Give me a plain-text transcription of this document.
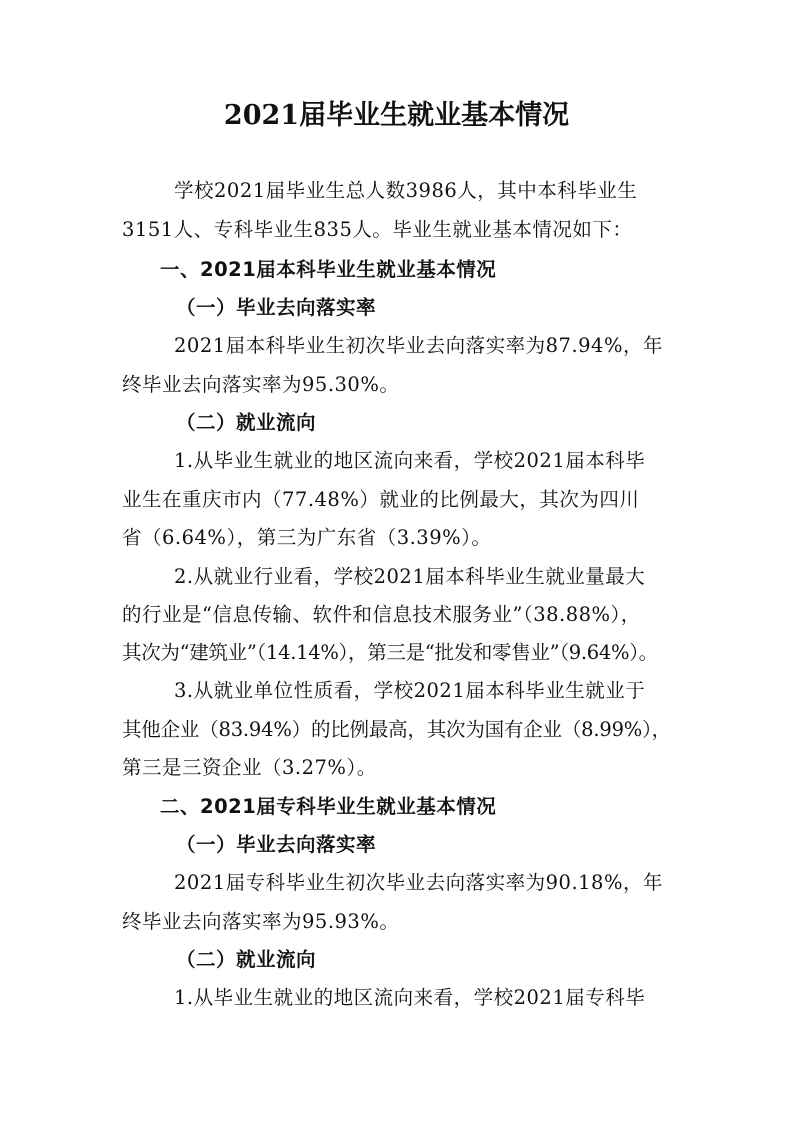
2021届毕业生就业基本情况
学校2021届毕业生总人数3986人，其中本科毕业生
3151人、专科毕业生835人。毕业生就业基本情况如下：
一、2021届本科毕业生就业基本情况
（一）毕业去向落实率
2021届本科毕业生初次毕业去向落实率为87.94%，年
终毕业去向落实率为95.30%。
（二）就业流向
1.从毕业生就业的地区流向来看，学校2021届本科毕
业生在重庆市内（77.48%）就业的比例最大，其次为四川
省（6.64%），第三为广东省（3.39%）。
2.从就业行业看，学校2021届本科毕业生就业量最大
的行业是“信息传输、软件和信息技术服务业”（38.88%），
其次为“建筑业”（14.14%），第三是“批发和零售业”（9.64%）。
3.从就业单位性质看，学校2021届本科毕业生就业于
其他企业（83.94%）的比例最高，其次为国有企业（8.99%），
第三是三资企业（3.27%）。
二、2021届专科毕业生就业基本情况
（一）毕业去向落实率
2021届专科毕业生初次毕业去向落实率为90.18%，年
终毕业去向落实率为95.93%。
（二）就业流向
1.从毕业生就业的地区流向来看，学校2021届专科毕
